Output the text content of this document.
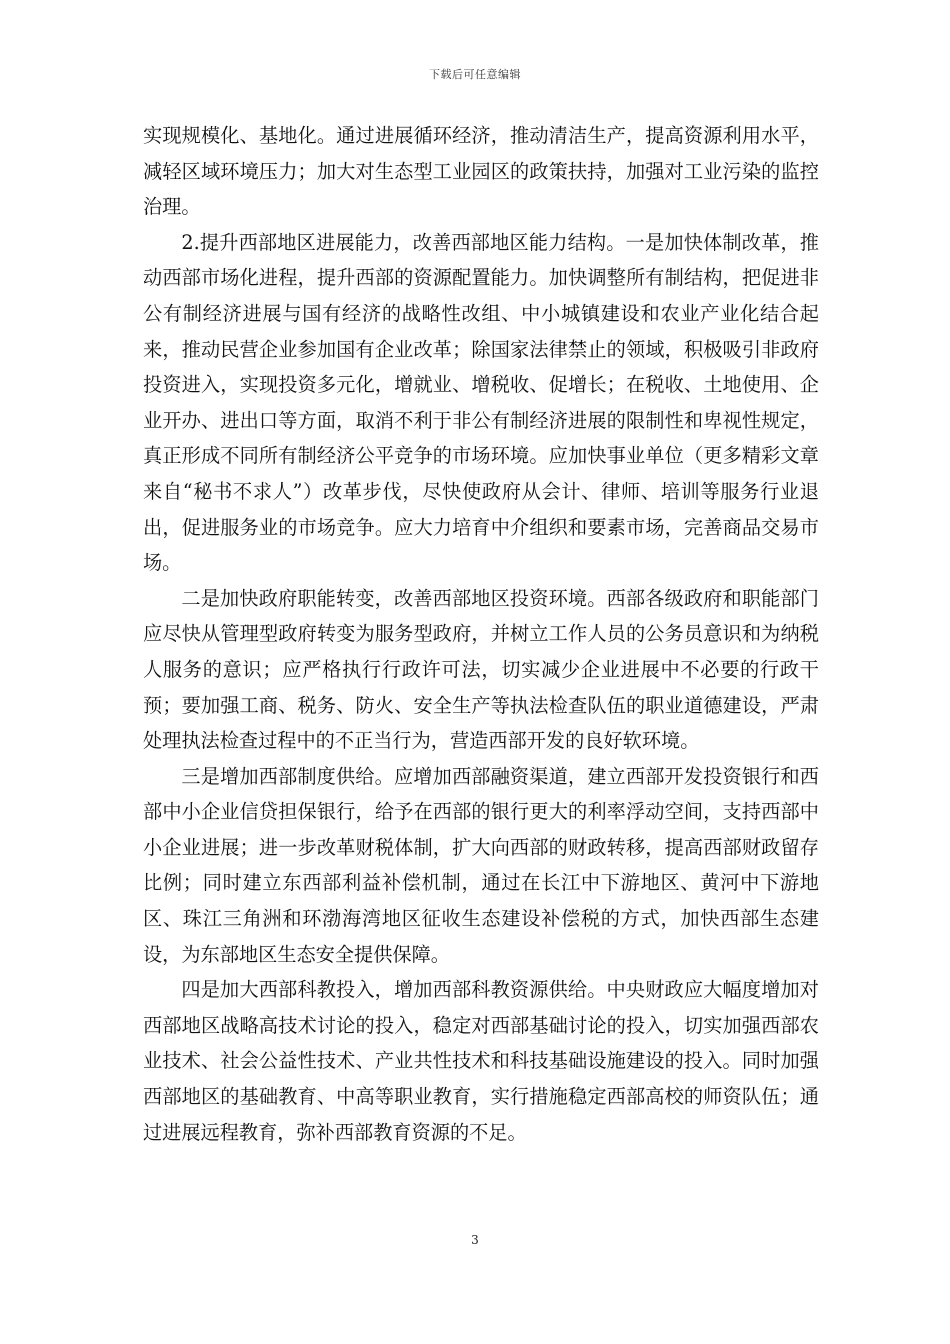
下载后可任意编辑

实现规模化、基地化。通过进展循环经济，推动清洁生产，提高资源利用水平，减轻区域环境压力；加大对生态型工业园区的政策扶持，加强对工业污染的监控治理。

2.提升西部地区进展能力，改善西部地区能力结构。一是加快体制改革，推动西部市场化进程，提升西部的资源配置能力。加快调整所有制结构，把促进非公有制经济进展与国有经济的战略性改组、中小城镇建设和农业产业化结合起来，推动民营企业参加国有企业改革；除国家法律禁止的领域，积极吸引非政府投资进入，实现投资多元化，增就业、增税收、促增长；在税收、土地使用、企业开办、进出口等方面，取消不利于非公有制经济进展的限制性和卑视性规定，真正形成不同所有制经济公平竞争的市场环境。应加快事业单位（更多精彩文章来自“秘书不求人”）改革步伐，尽快使政府从会计、律师、培训等服务行业退出，促进服务业的市场竞争。应大力培育中介组织和要素市场，完善商品交易市场。

二是加快政府职能转变，改善西部地区投资环境。西部各级政府和职能部门应尽快从管理型政府转变为服务型政府，并树立工作人员的公务员意识和为纳税人服务的意识；应严格执行行政许可法，切实减少企业进展中不必要的行政干预；要加强工商、税务、防火、安全生产等执法检查队伍的职业道德建设，严肃处理执法检查过程中的不正当行为，营造西部开发的良好软环境。

三是增加西部制度供给。应增加西部融资渠道，建立西部开发投资银行和西部中小企业信贷担保银行，给予在西部的银行更大的利率浮动空间，支持西部中小企业进展；进一步改革财税体制，扩大向西部的财政转移，提高西部财政留存比例；同时建立东西部利益补偿机制，通过在长江中下游地区、黄河中下游地区、珠江三角洲和环渤海湾地区征收生态建设补偿税的方式，加快西部生态建设，为东部地区生态安全提供保障。

四是加大西部科教投入，增加西部科教资源供给。中央财政应大幅度增加对西部地区战略高技术讨论的投入，稳定对西部基础讨论的投入，切实加强西部农业技术、社会公益性技术、产业共性技术和科技基础设施建设的投入。同时加强西部地区的基础教育、中高等职业教育，实行措施稳定西部高校的师资队伍；通过进展远程教育，弥补西部教育资源的不足。

3
